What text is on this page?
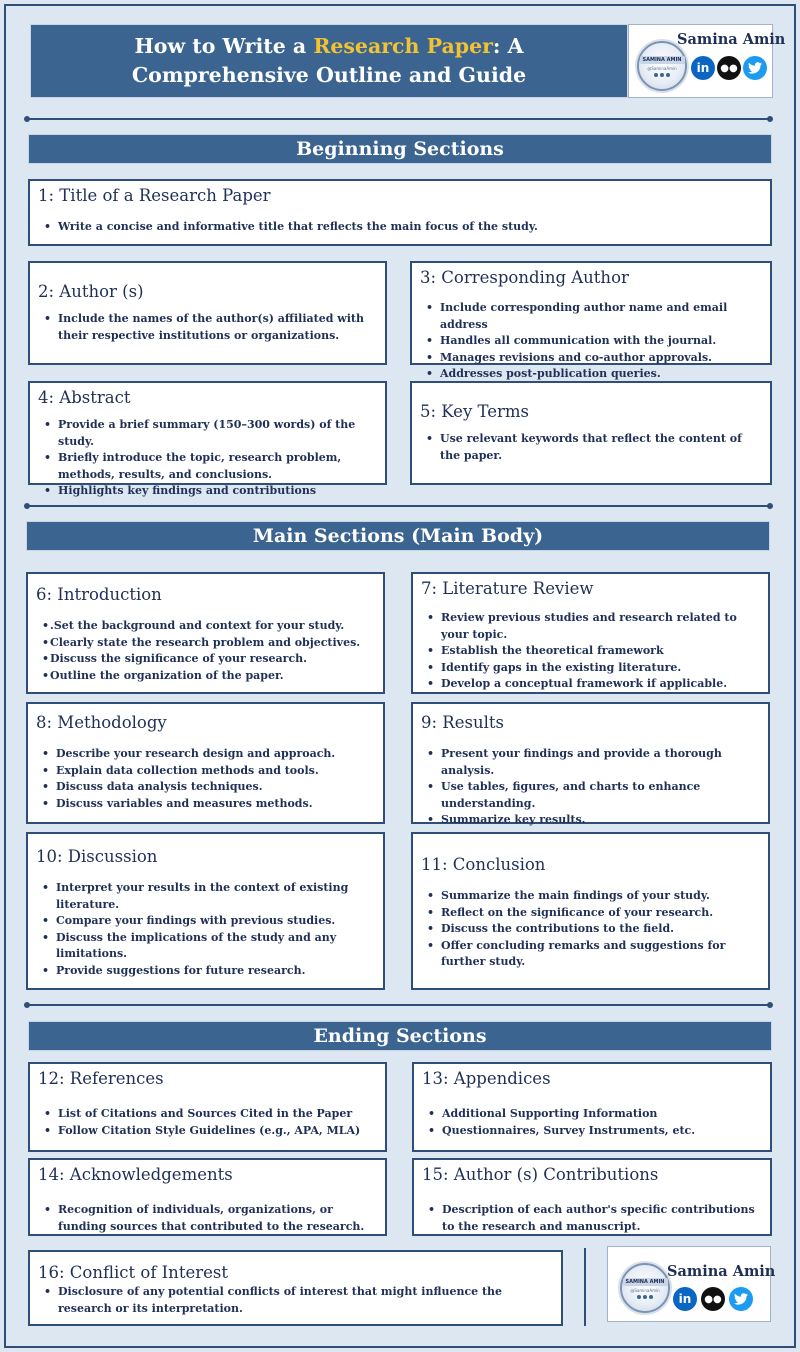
How to Write a Research Paper: A Comprehensive Outline and Guide
Samina Amin
SAMINA AMIN
@SaminaAmin in ●●
Beginning Sections
1: Title of a Research Paper
• Write a concise and informative title that reflects the main focus of the study.
2: Author (s)
• Include the names of the author(s) affiliated with their respective institutions or organizations.
3: Corresponding Author
• Include corresponding author name and email address
• Handles all communication with the journal.
• Manages revisions and co-author approvals.
• Addresses post-publication queries.
4: Abstract
• Provide a brief summary (150–300 words) of the study.
• Briefly introduce the topic, research problem, methods, results, and conclusions.
• Highlights key findings and contributions
5: Key Terms
• Use relevant keywords that reflect the content of the paper.
Main Sections (Main Body)
6: Introduction
• .Set the background and context for your study.
• Clearly state the research problem and objectives.
• Discuss the significance of your research.
• Outline the organization of the paper.
7: Literature Review
• Review previous studies and research related to your topic.
• Establish the theoretical framework
• Identify gaps in the existing literature.
• Develop a conceptual framework if applicable.
8: Methodology
• Describe your research design and approach.
• Explain data collection methods and tools.
• Discuss data analysis techniques.
• Discuss variables and measures methods.
9: Results
• Present your findings and provide a thorough analysis.
• Use tables, figures, and charts to enhance understanding.
• Summarize key results.
10: Discussion
• Interpret your results in the context of existing literature.
• Compare your findings with previous studies.
• Discuss the implications of the study and any limitations.
• Provide suggestions for future research.
11: Conclusion
• Summarize the main findings of your study.
• Reflect on the significance of your research.
• Discuss the contributions to the field.
• Offer concluding remarks and suggestions for further study.
Ending Sections
12: References
• List of Citations and Sources Cited in the Paper
• Follow Citation Style Guidelines (e.g., APA, MLA)
13: Appendices
• Additional Supporting Information
• Questionnaires, Survey Instruments, etc.
14: Acknowledgements
• Recognition of individuals, organizations, or funding sources that contributed to the research.
15: Author (s) Contributions
• Description of each author's specific contributions to the research and manuscript.
16: Conflict of Interest
• Disclosure of any potential conflicts of interest that might influence the research or its interpretation.
Samina Amin
SAMINA AMIN
@SaminaAmin
in ●●
